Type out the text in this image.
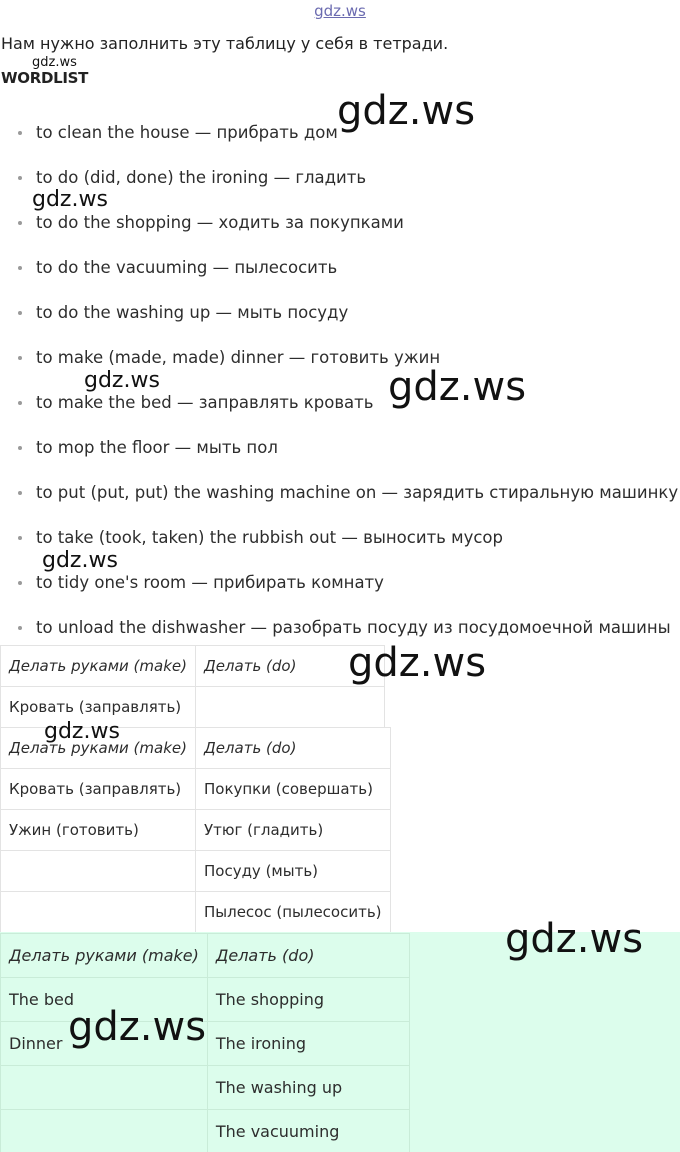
gdz.ws
Нам нужно заполнить эту таблицу у себя в тетради.
WORDLIST
to clean the house — прибрать дом
to do (did, done) the ironing — гладить
to do the shopping — ходить за покупками
to do the vacuuming — пылесосить
to do the washing up — мыть посуду
to make (made, made) dinner — готовить ужин
to make the bed — заправлять кровать
to mop the floor — мыть пол
to put (put, put) the washing machine on — зарядить стиральную машинку
to take (took, taken) the rubbish out — выносить мусор
to tidy one's room — прибирать комнату
to unload the dishwasher — разобрать посуду из посудомоечной машины
Делать руками (make)	Делать (do)
Кровать (заправлять)	
Делать руками (make)	Делать (do)
Кровать (заправлять)	Покупки (совершать)
Ужин (готовить)	Утюг (гладить)
	Посуду (мыть)
	Пылесос (пылесосить)
Делать руками (make)	Делать (do)
The bed	The shopping
Dinner	The ironing
	The washing up
	The vacuuming
gdz.ws
gdz.ws
gdz.ws
gdz.ws	gdz.ws
gdz.ws
gdz.ws
gdz.ws
gdz.ws
gdz.ws
